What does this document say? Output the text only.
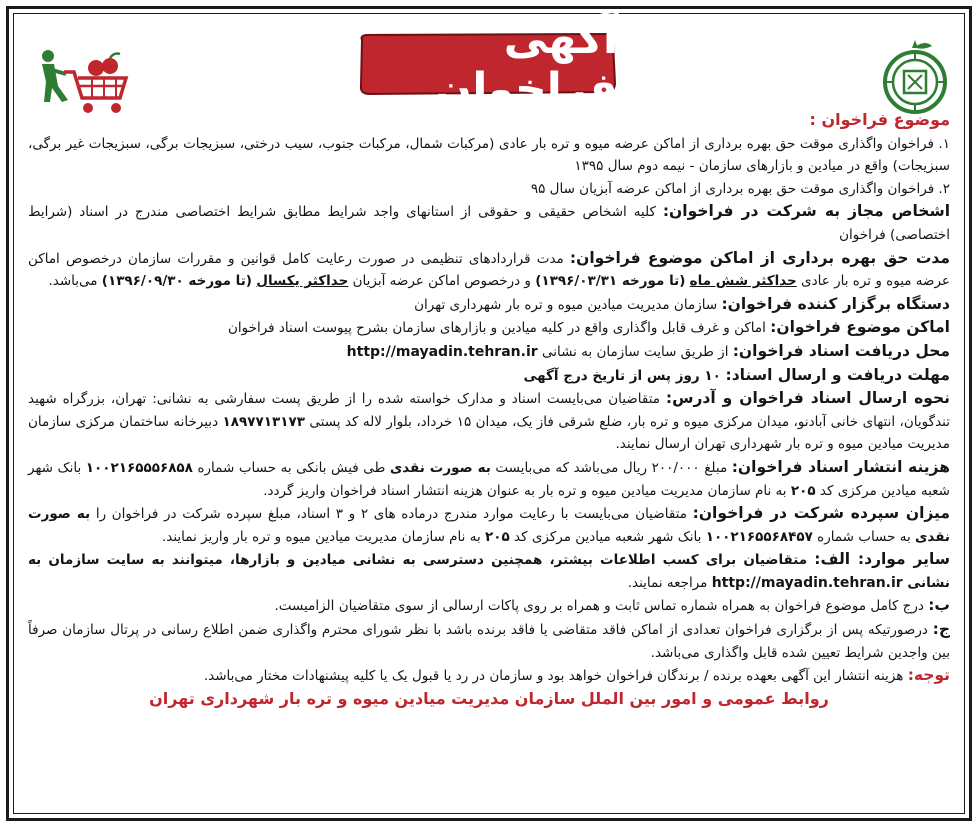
آگهی فراخوان

موضوع فراخوان :

۱. فراخوان واگذاری موقت حق بهره برداری از اماکن عرضه میوه و تره بار عادی (مرکبات شمال، مرکبات جنوب، سیب درختی، سبزیجات برگی، سبزیجات غیر برگی، سبزیجات) واقع در میادین و بازارهای سازمان - نیمه دوم سال ۱۳۹۵

۲. فراخوان واگذاری موقت حق بهره برداری از اماکن عرضه آبزیان سال ۹۵

اشخاص مجاز به شرکت در فراخوان: کلیه اشخاص حقیقی و حقوقی از استانهای واجد شرایط مطابق شرایط اختصاصی مندرج در اسناد (شرایط اختصاصی) فراخوان

مدت حق بهره برداری از اماکن موضوع فراخوان: مدت قراردادهای تنظیمی در صورت رعایت کامل قوانین و مقررات سازمان درخصوص اماکن عرضه میوه و تره بار عادی حداکثر شش ماه (تا مورخه ۱۳۹۶/۰۳/۳۱) و درخصوص اماکن عرضه آبزیان حداکثر یکسال (تا مورخه ۱۳۹۶/۰۹/۳۰) می‌باشد.

دستگاه برگزار کننده فراخوان: سازمان مدیریت میادین میوه و تره بار شهرداری تهران

اماکن موضوع فراخوان: اماکن و غرف قابل واگذاری واقع در کلیه میادین و بازارهای سازمان بشرح پیوست اسناد فراخوان

محل دریافت اسناد فراخوان: از طریق سایت سازمان به نشانی http://mayadin.tehran.ir

مهلت دریافت و ارسال اسناد: ۱۰ روز پس از تاریخ درج آگهی

نحوه ارسال اسناد فراخوان و آدرس: متقاضیان می‌بایست اسناد و مدارک خواسته شده را از طریق پست سفارشی به نشانی: تهران، بزرگراه شهید تندگویان، انتهای خانی آبادنو، میدان مرکزی میوه و تره بار، ضلع شرقی فاز یک، میدان ۱۵ خرداد، بلوار لاله کد پستی ۱۸۹۷۷۱۳۱۷۳ دبیرخانه ساختمان مرکزی سازمان مدیریت میادین میوه و تره بار شهرداری تهران ارسال نمایند.

هزینه انتشار اسناد فراخوان: مبلغ ۲۰۰/۰۰۰ ریال می‌باشد که می‌بایست به صورت نقدی طی فیش بانکی به حساب شماره ۱۰۰۲۱۶۵۵۵۶۸۵۸ بانک شهر شعبه میادین مرکزی کد ۲۰۵ به نام سازمان مدیریت میادین میوه و تره بار به عنوان هزینه انتشار اسناد فراخوان واریز گردد.

میزان سپرده شرکت در فراخوان: متقاضیان می‌بایست با رعایت موارد مندرج درماده های ۲ و ۳ اسناد، مبلغ سپرده شرکت در فراخوان را به صورت نقدی به حساب شماره ۱۰۰۲۱۶۵۵۶۸۴۵۷ بانک شهر شعبه میادین مرکزی کد ۲۰۵ به نام سازمان مدیریت میادین میوه و تره بار واریز نمایند.

سایر موارد: الف: متقاضیان برای کسب اطلاعات بیشتر، همچنین دسترسی به نشانی میادین و بازارها، میتوانند به سایت سازمان به نشانی http://mayadin.tehran.ir مراجعه نمایند.

ب: درج کامل موضوع فراخوان به همراه شماره تماس ثابت و همراه بر روی پاکات ارسالی از سوی متقاضیان الزامیست.

ج: درصورتیکه پس از برگزاری فراخوان تعدادی از اماکن فاقد متقاضی یا فاقد برنده باشد با نظر شورای محترم واگذاری ضمن اطلاع رسانی در پرتال سازمان صرفاً بین واجدین شرایط تعیین شده قابل واگذاری می‌باشد.

توجه: هزینه انتشار این آگهی بعهده برنده / برندگان فراخوان خواهد بود و سازمان در رد یا قبول یک یا کلیه پیشنهادات مختار می‌باشد.

روابط عمومی و امور بین الملل سازمان مدیریت میادین میوه و تره بار شهرداری تهران
